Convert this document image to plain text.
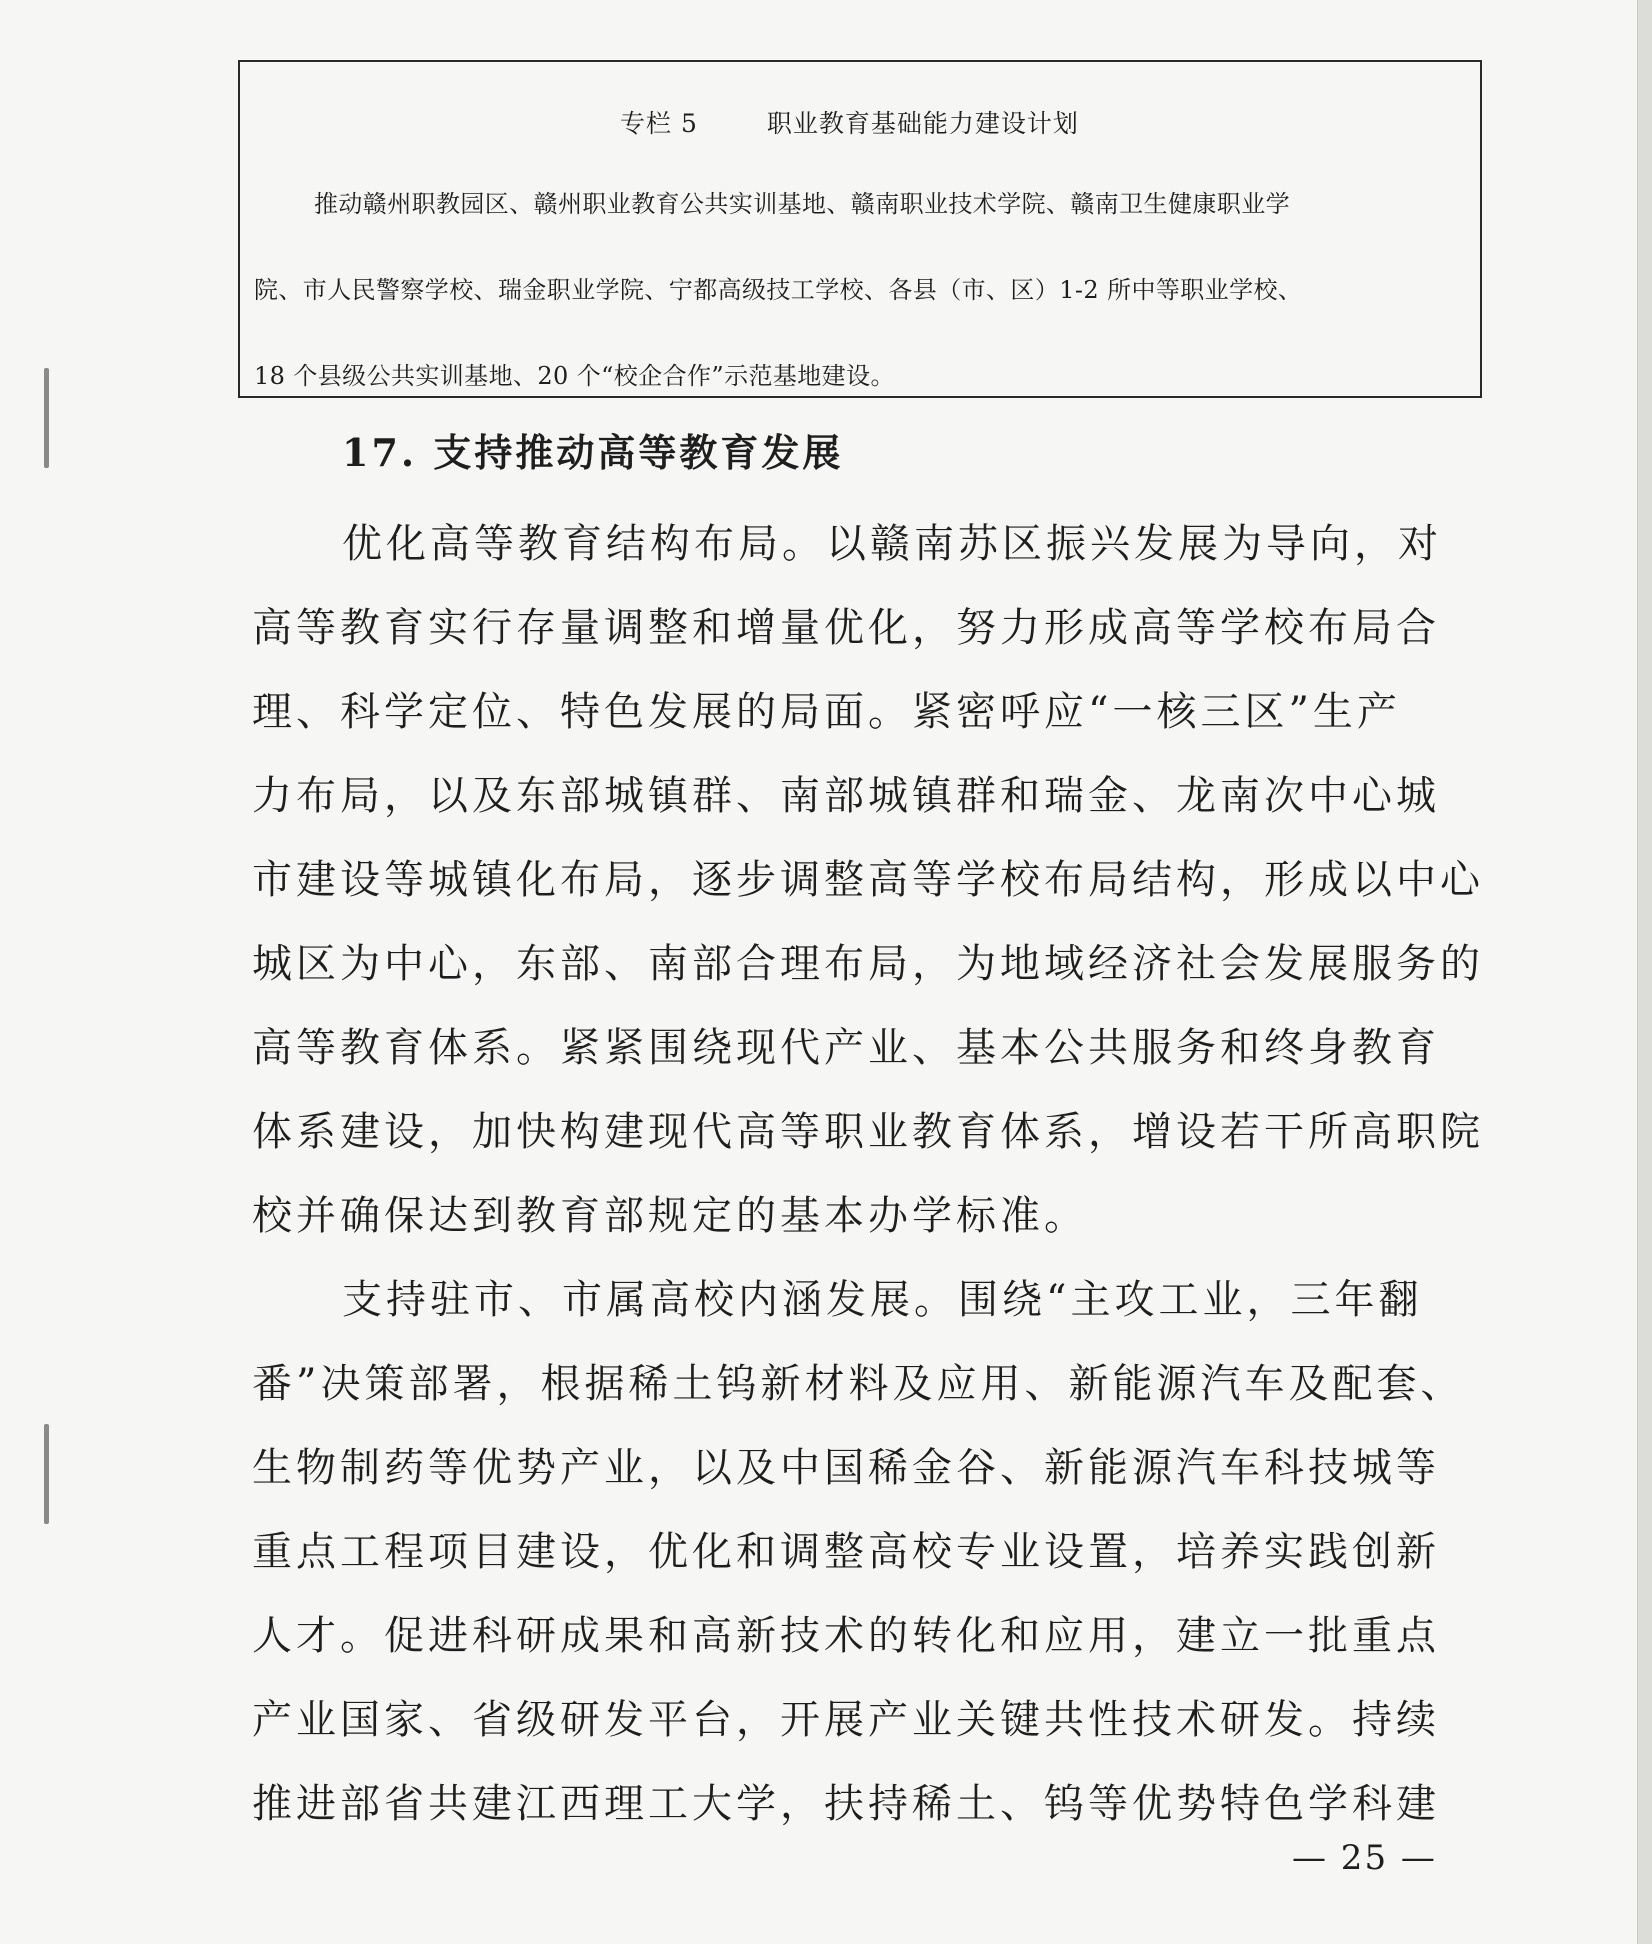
专栏 5	职业教育基础能力建设计划
推动赣州职教园区、赣州职业教育公共实训基地、赣南职业技术学院、赣南卫生健康职业学
院、市人民警察学校、瑞金职业学院、宁都高级技工学校、各县（市、区）1-2 所中等职业学校、
18 个县级公共实训基地、20 个“校企合作”示范基地建设。
17. 支持推动高等教育发展
优化高等教育结构布局。以赣南苏区振兴发展为导向，对
高等教育实行存量调整和增量优化，努力形成高等学校布局合
理、科学定位、特色发展的局面。紧密呼应“一核三区”生产
力布局，以及东部城镇群、南部城镇群和瑞金、龙南次中心城
市建设等城镇化布局，逐步调整高等学校布局结构，形成以中心
城区为中心，东部、南部合理布局，为地域经济社会发展服务的
高等教育体系。紧紧围绕现代产业、基本公共服务和终身教育
体系建设，加快构建现代高等职业教育体系，增设若干所高职院
校并确保达到教育部规定的基本办学标准。
支持驻市、市属高校内涵发展。围绕“主攻工业，三年翻
番”决策部署，根据稀土钨新材料及应用、新能源汽车及配套、
生物制药等优势产业，以及中国稀金谷、新能源汽车科技城等
重点工程项目建设，优化和调整高校专业设置，培养实践创新
人才。促进科研成果和高新技术的转化和应用，建立一批重点
产业国家、省级研发平台，开展产业关键共性技术研发。持续
推进部省共建江西理工大学，扶持稀土、钨等优势特色学科建
— 25 —
